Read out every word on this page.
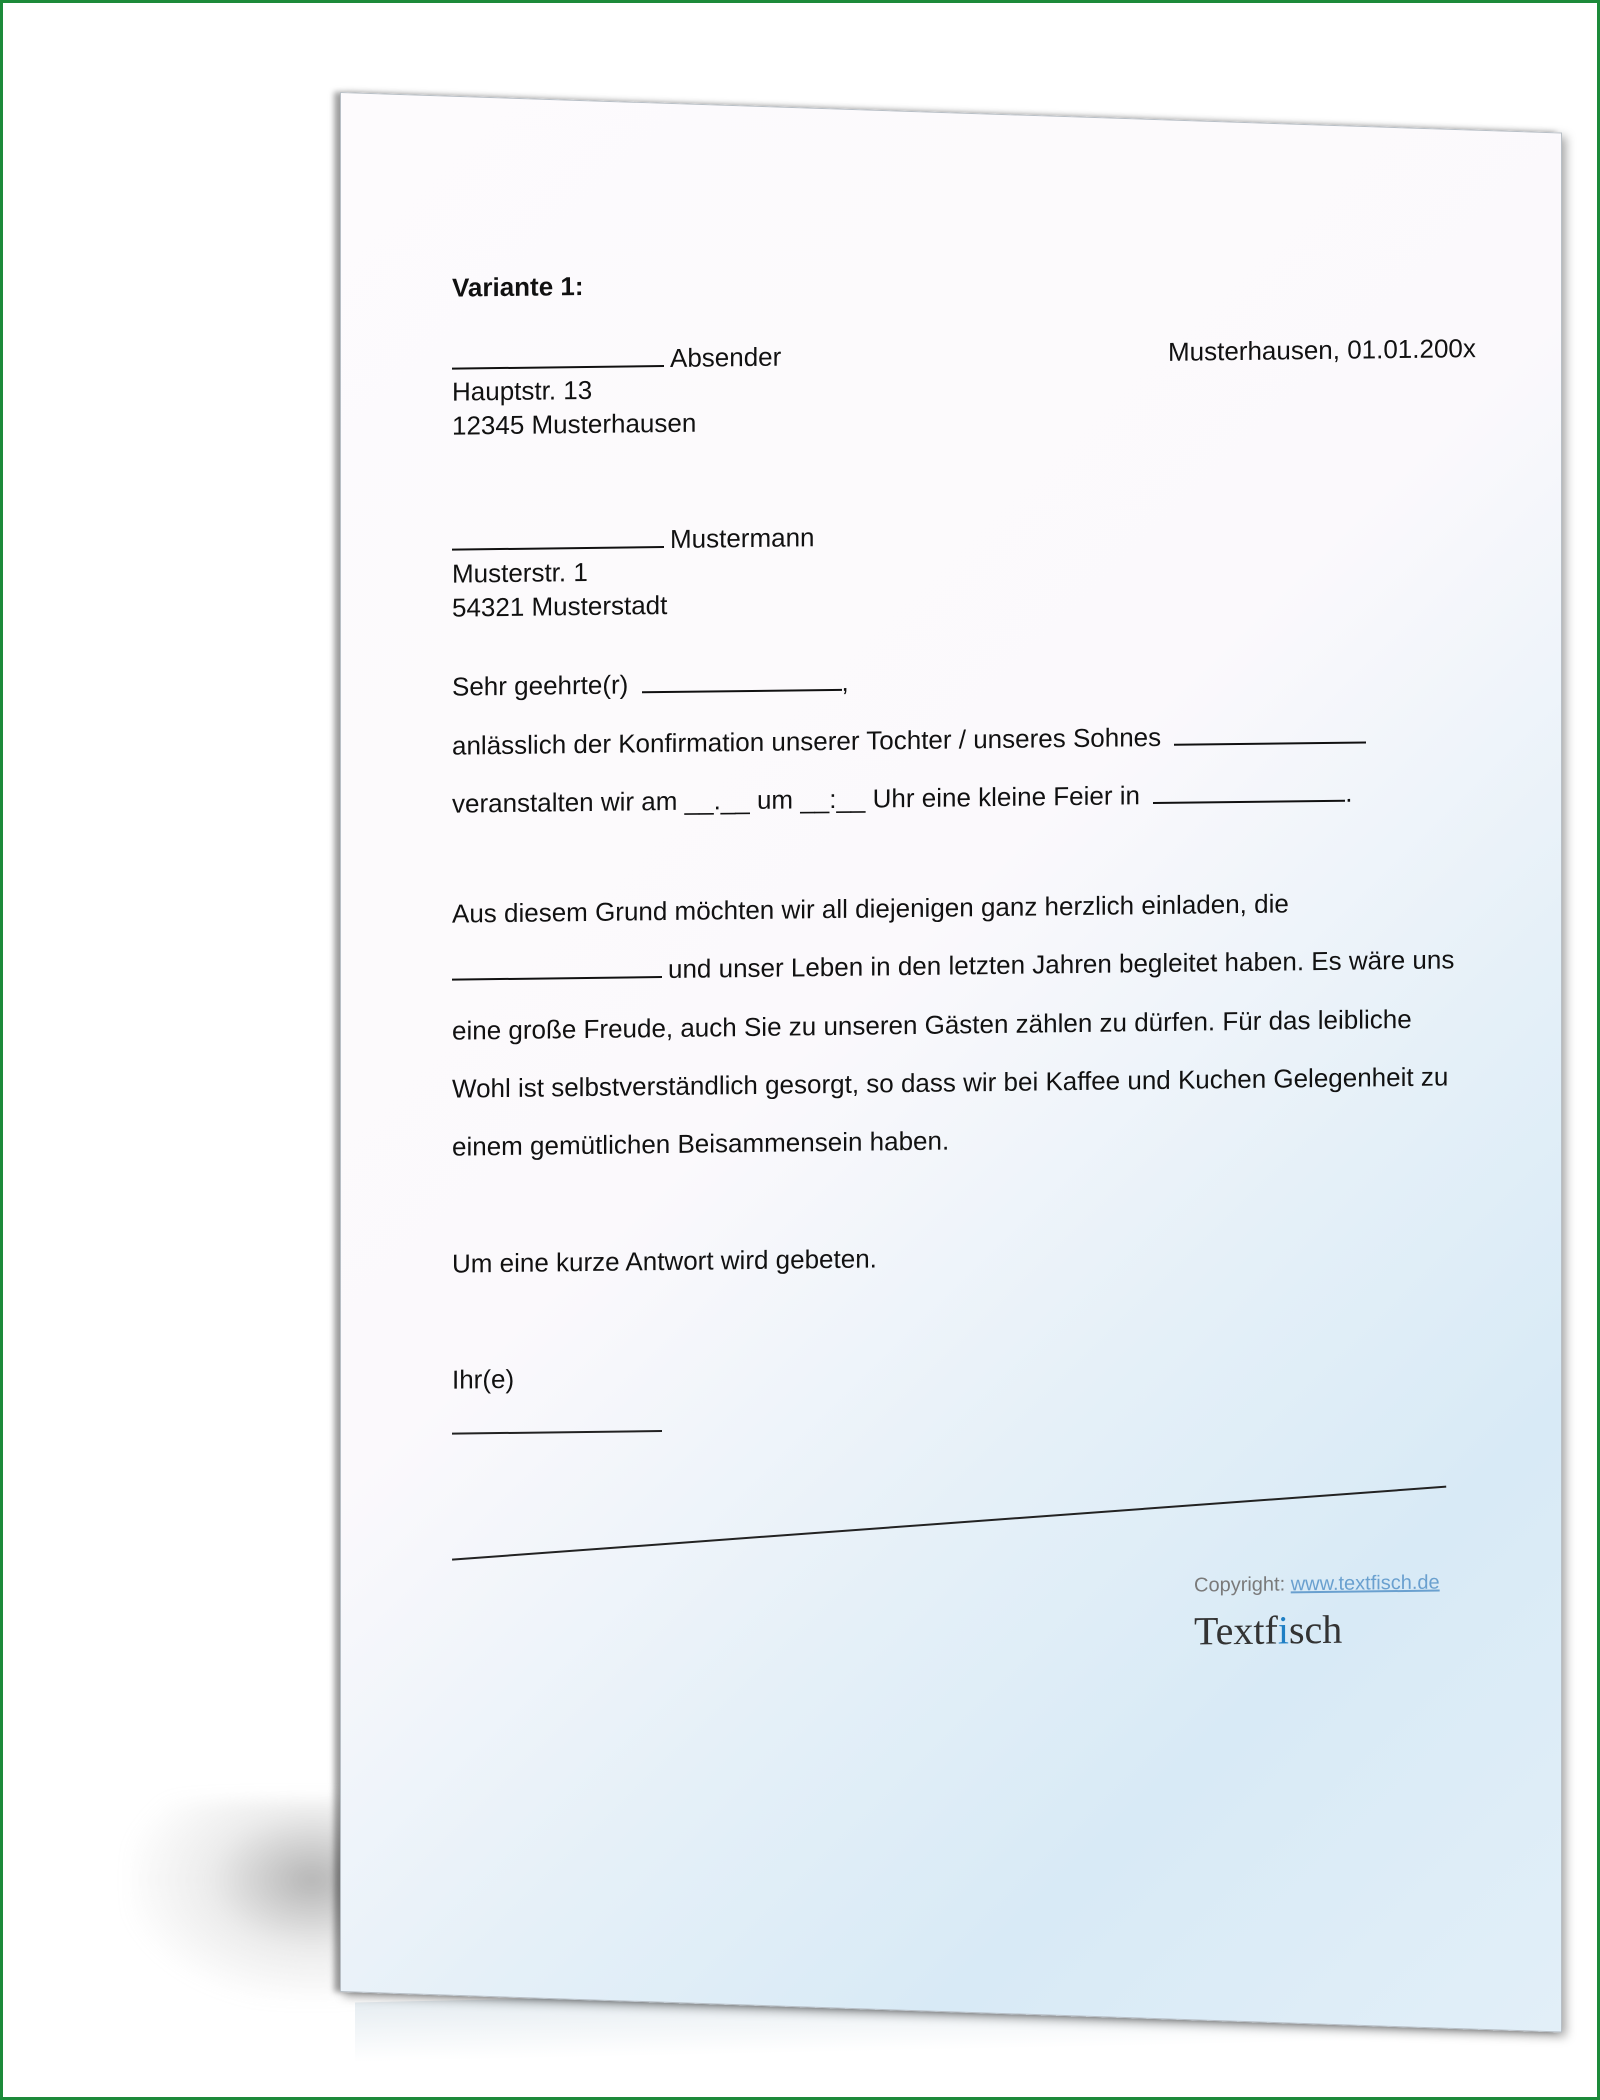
Variante 1:
Absender
Hauptstr. 13
12345 Musterhausen
Musterhausen, 01.01.200x
Mustermann
Musterstr. 1
54321 Musterstadt
Sehr geehrte(r)	,
anlässlich der Konfirmation unserer Tochter / unseres Sohnes
veranstalten wir am __.__ um __:__ Uhr eine kleine Feier in	.
Aus diesem Grund möchten wir all diejenigen ganz herzlich einladen, die
und unser Leben in den letzten Jahren begleitet haben. Es wäre uns
eine große Freude, auch Sie zu unseren Gästen zählen zu dürfen. Für das leibliche
Wohl ist selbstverständlich gesorgt, so dass wir bei Kaffee und Kuchen Gelegenheit zu
einem gemütlichen Beisammensein haben.
Um eine kurze Antwort wird gebeten.
Ihr(e)
Copyright: www.textfisch.de
Textfisch
